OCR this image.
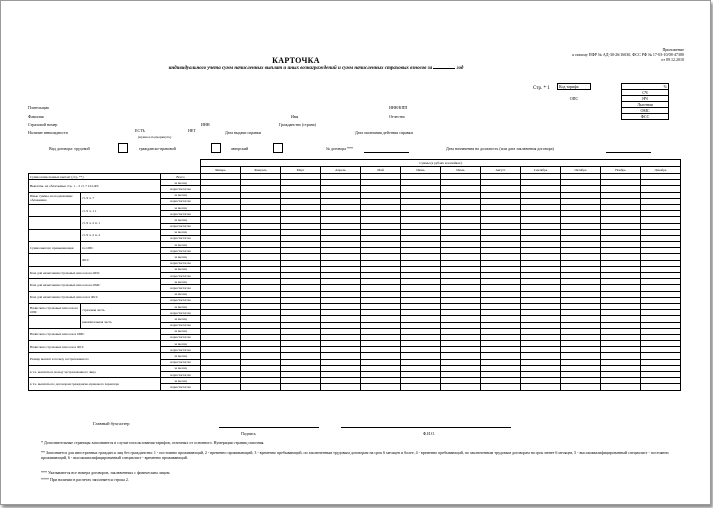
Приложение
к письму ПФР № АД-30-26/16030, ФСС РФ № 17-03-10/08-47380
от 09.12.2010
КАРТОЧКА
индивидуального учета сумм начисленных выплат и иных вознаграждений и сумм начисленных страховых взносов за	год
Стр. * 1 Код тарифа		%
ОПС		СЧ
		НЧ
		Льготная
		ОМС
		ФСС
Плательщик	ИНН/КПП
Фамилия	Имя	Отчество
Страховой номер	ИНН	Гражданство (страна)
Наличие инвалидности	ЕСТЬ	НЕТ
(нужное подчеркнуть)
Дата выдачи справки	Дата окончания действия справки
Вид договора: трудовой	гражданско-правовой	авторский	№ договора ***	Дата назначения на должность (или дата заключения договора)
			Суммы (в рублях и копейках)											
			Январь	Февраль	Март	Апрель	Май	Июнь	Июль	Август	Сентябрь	Октябрь	Ноябрь	Декабрь
Сумма начисленных выплат (стр. **)		Всего												
Выплаты, не облагаемые стр. 1 – 3 ст. 7 212-ФЗ		за месяц												
		нараст.итогом												
Иные суммы, не подлежащие обложению	ст. 9 ч. 7	за месяц												
		нараст.итогом												
	ст. 9 ч. 1 1	за месяц												
		нараст.итогом												
	ст. 9 ч. 2 п. 1	за месяц												
		нараст.итогом												
	ст. 9 ч. 2 п. 2	за месяц												
		нараст.итогом												
Сумма выплат, превышающая	по ОПС	за месяц												
		нараст.итогом												
	ФСС	за месяц												
		нараст.итогом												
База для начисления страховых взносов на ОПС		за месяц												
		нараст.итогом												
База для начисления страховых взносов на ОМС		за месяц												
		нараст.итогом												
База для начисления страховых взносов в ФСС		за месяц												
		нараст.итогом												
Начислено страховых взносов на ОПС	страховая часть	за месяц												
		нараст.итогом												
	накопительная часть	за месяц												
		нараст.итогом												
Начислено страховых взносов в ОМС		за месяц												
		нараст.итогом												
Начислено страховых взносов в ФСС		за месяц												
		нараст.итогом												
Размер выплат в пользу застрахованного		за месяц												
		нараст.итогом												
в т.ч. выплаты в пользу застрахованного лица		за месяц												
		нараст.итогом												
в т.ч. выплаты по договорам гражданско-правового характера		за месяц												
		нараст.итогом												
Главный бухгалтер
Подпись	Ф.И.О.
* Дополнительные страницы заполняются в случае использования тарифов, отличных от основного. Нумерация страниц сквозная.
** Заполняется для иностранных граждан и лиц без гражданства: 1 - постоянно проживающий, 2 - временно проживающий, 3 - временно пребывающий, по заключенным трудовым договорам на срок 6 месяцев и более, 4 - временно пребывающий, по заключенным трудовым договорам на срок менее 6 месяцев, 5 - высококвалифицированный специалист - постоянно проживающий, 6 - высококвалифицированный специалист - временно проживающий.
*** Указываются все номера договоров, заключенных с физическим лицом.
**** При наличии в расчетах заполняется строка 2.
